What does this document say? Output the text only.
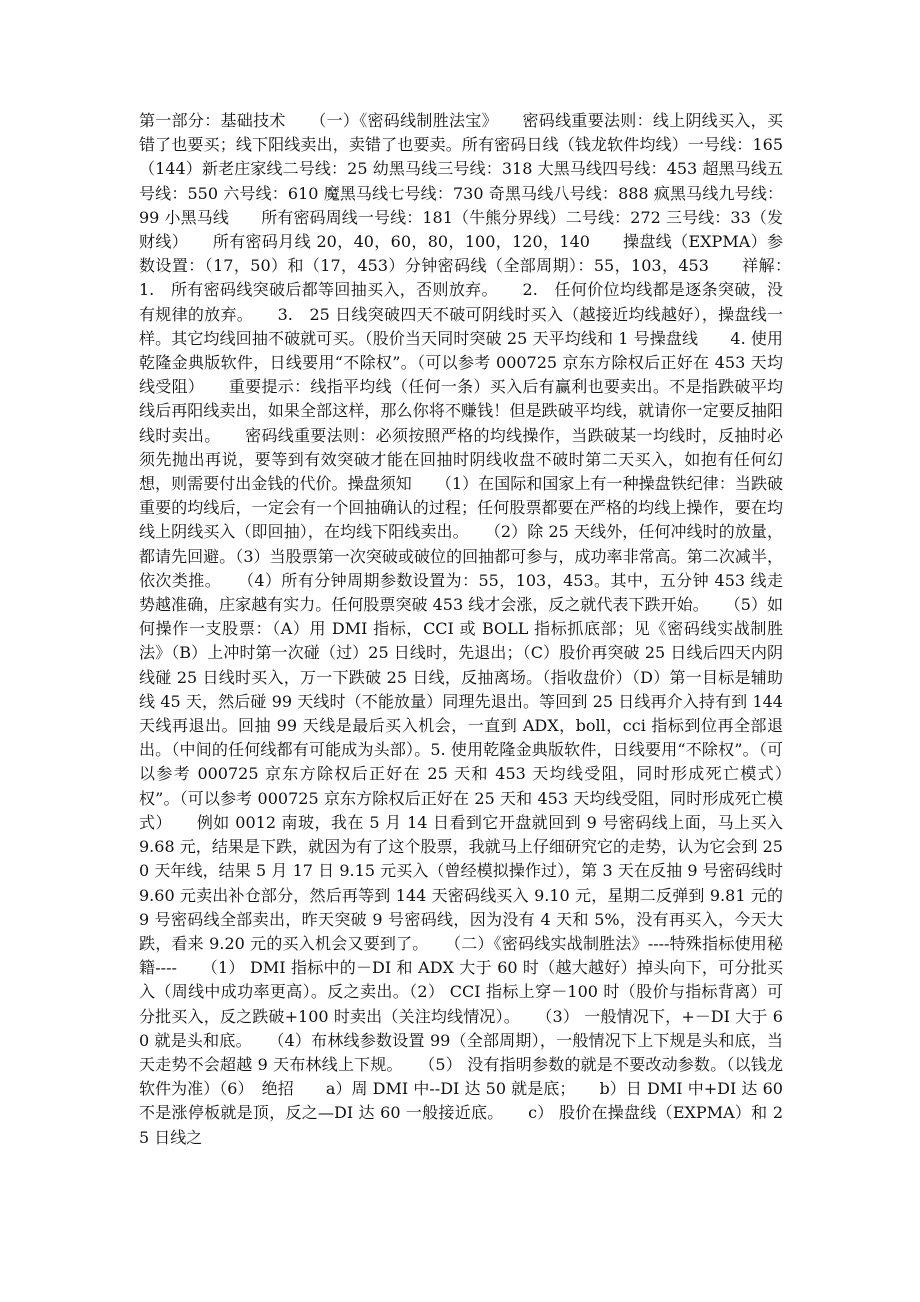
第一部分：基础技术　　（一）《密码线制胜法宝》　　密码线重要法则：线上阴线买入，买错了也要买；线下阳线卖出，卖错了也要卖。所有密码日线（钱龙软件均线）一号线：165（144）新老庄家线二号线：25 幼黑马线三号线：318 大黑马线四号线：453 超黑马线五号线：550 六号线：610 魔黑马线七号线：730 奇黑马线八号线：888 疯黑马线九号线：99 小黑马线　　所有密码周线一号线：181（牛熊分界线）二号线：272 三号线：33（发财线）　　所有密码月线 20，40，60，80，100，120，140　　操盘线（EXPMA）参数设置：（17，50）和（17，453）分钟密码线（全部周期）：55，103，453　　祥解：　　1.　所有密码线突破后都等回抽买入，否则放弃。　　2.　任何价位均线都是逐条突破，没有规律的放弃。　　3.　25 日线突破四天不破可阴线时买入（越接近均线越好），操盘线一样。其它均线回抽不破就可买。（股价当天同时突破 25 天平均线和 1 号操盘线　　4. 使用乾隆金典版软件，日线要用“不除权”。（可以参考 000725 京东方除权后正好在 453 天均线受阻）　　重要提示：线指平均线（任何一条）买入后有赢利也要卖出。不是指跌破平均线后再阳线卖出，如果全部这样，那么你将不赚钱！但是跌破平均线，就请你一定要反抽阳线时卖出。　　密码线重要法则：必须按照严格的均线操作，当跌破某一均线时，反抽时必须先抛出再说，要等到有效突破才能在回抽时阴线收盘不破时第二天买入，如抱有任何幻想，则需要付出金钱的代价。操盘须知　　（1）在国际和国家上有一种操盘铁纪律：当跌破重要的均线后，一定会有一个回抽确认的过程；任何股票都要在严格的均线上操作，要在均线上阴线买入（即回抽），在均线下阳线卖出。　　（2）除 25 天线外，任何冲线时的放量，都请先回避。（3）当股票第一次突破或破位的回抽都可参与，成功率非常高。第二次减半，依次类推。　　（4）所有分钟周期参数设置为：55，103，453。其中，五分钟 453 线走势越准确，庄家越有实力。任何股票突破 453 线才会涨，反之就代表下跌开始。　　（5）如何操作一支股票：（A）用 DMI 指标，CCI 或 BOLL 指标抓底部；见《密码线实战制胜法》（B）上冲时第一次碰（过）25 日线时，先退出；（C）股价再突破 25 日线后四天内阴线碰 25 日线时买入，万一下跌破 25 日线，反抽离场。（指收盘价）（D）第一目标是辅助线 45 天，然后碰 99 天线时（不能放量）同理先退出。等回到 25 日线再介入持有到 144 天线再退出。回抽 99 天线是最后买入机会，一直到 ADX，boll，cci 指标到位再全部退出。（中间的任何线都有可能成为头部）。5. 使用乾隆金典版软件，日线要用“不除权”。（可以参考 000725 京东方除权后正好在 25 天和 453 天均线受阻，同时形成死亡模式）　　权”。（可以参考 000725 京东方除权后正好在 25 天和 453 天均线受阻，同时形成死亡模式）　　例如 0012 南玻，我在 5 月 14 日看到它开盘就回到 9 号密码线上面，马上买入 9.68 元，结果是下跌，就因为有了这个股票，我就马上仔细研究它的走势，认为它会到 250 天年线，结果 5 月 17 日 9.15 元买入（曾经模拟操作过），第 3 天在反抽 9 号密码线时 9.60 元卖出补仓部分，然后再等到 144 天密码线买入 9.10 元，星期二反弹到 9.81 元的 9 号密码线全部卖出，昨天突破 9 号密码线，因为没有 4 天和 5%，没有再买入，今天大跌，看来 9.20 元的买入机会又要到了。　　（二）《密码线实战制胜法》----特殊指标使用秘籍----　　（1） DMI 指标中的－DI 和 ADX 大于 60 时（越大越好）掉头向下，可分批买入（周线中成功率更高）。反之卖出。（2） CCI 指标上穿－100 时（股价与指标背离）可分批买入，反之跌破+100 时卖出（关注均线情况）。　　（3） 一般情况下，+－DI 大于 60 就是头和底。　　（4）布林线参数设置 99（全部周期），一般情况下上下规是头和底，当天走势不会超越 9 天布林线上下规。　　（5） 没有指明参数的就是不要改动参数。（以钱龙软件为准）（6）　绝招　　a）周 DMI 中--DI 达 50 就是底；　　b）日 DMI 中+DI 达 60 不是涨停板就是顶，反之—DI 达 60 一般接近底。　　c） 股价在操盘线（EXPMA）和 25 日线之
